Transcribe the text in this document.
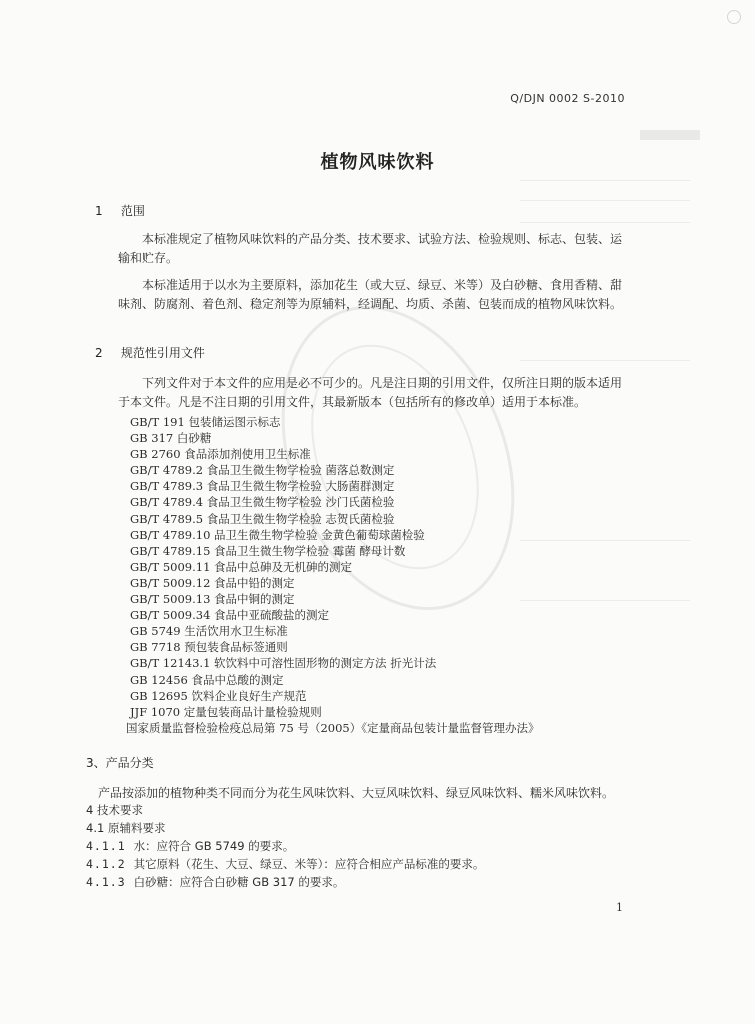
Q/DJN 0002 S-2010
植物风味饮料
1 范围
本标准规定了植物风味饮料的产品分类、技术要求、试验方法、检验规则、标志、包装、运输和贮存。
本标准适用于以水为主要原料，添加花生（或大豆、绿豆、米等）及白砂糖、食用香精、甜味剂、防腐剂、着色剂、稳定剂等为原辅料，经调配、均质、杀菌、包装而成的植物风味饮料。
2 规范性引用文件
下列文件对于本文件的应用是必不可少的。凡是注日期的引用文件，仅所注日期的版本适用于本文件。凡是不注日期的引用文件，其最新版本（包括所有的修改单）适用于本标准。
GB/T 191 包装储运图示标志
GB 317 白砂糖
GB 2760 食品添加剂使用卫生标准
GB/T 4789.2 食品卫生微生物学检验 菌落总数测定
GB/T 4789.3 食品卫生微生物学检验 大肠菌群测定
GB/T 4789.4 食品卫生微生物学检验 沙门氏菌检验
GB/T 4789.5 食品卫生微生物学检验 志贺氏菌检验
GB/T 4789.10 品卫生微生物学检验 金黄色葡萄球菌检验
GB/T 4789.15 食品卫生微生物学检验 霉菌 酵母计数
GB/T 5009.11 食品中总砷及无机砷的测定
GB/T 5009.12 食品中铅的测定
GB/T 5009.13 食品中铜的测定
GB/T 5009.34 食品中亚硫酸盐的测定
GB 5749 生活饮用水卫生标准
GB 7718 预包装食品标签通则
GB/T 12143.1 软饮料中可溶性固形物的测定方法 折光计法
GB 12456 食品中总酸的测定
GB 12695 饮料企业良好生产规范
JJF 1070 定量包装商品计量检验规则
国家质量监督检验检疫总局第 75 号（2005）《定量商品包装计量监督管理办法》
3、产品分类
产品按添加的植物种类不同而分为花生风味饮料、大豆风味饮料、绿豆风味饮料、糯米风味饮料。
4 技术要求
4.1 原辅料要求
4.1.1 水：应符合 GB 5749 的要求。
4.1.2 其它原料（花生、大豆、绿豆、米等）：应符合相应产品标准的要求。
4.1.3 白砂糖：应符合白砂糖 GB 317 的要求。
1
